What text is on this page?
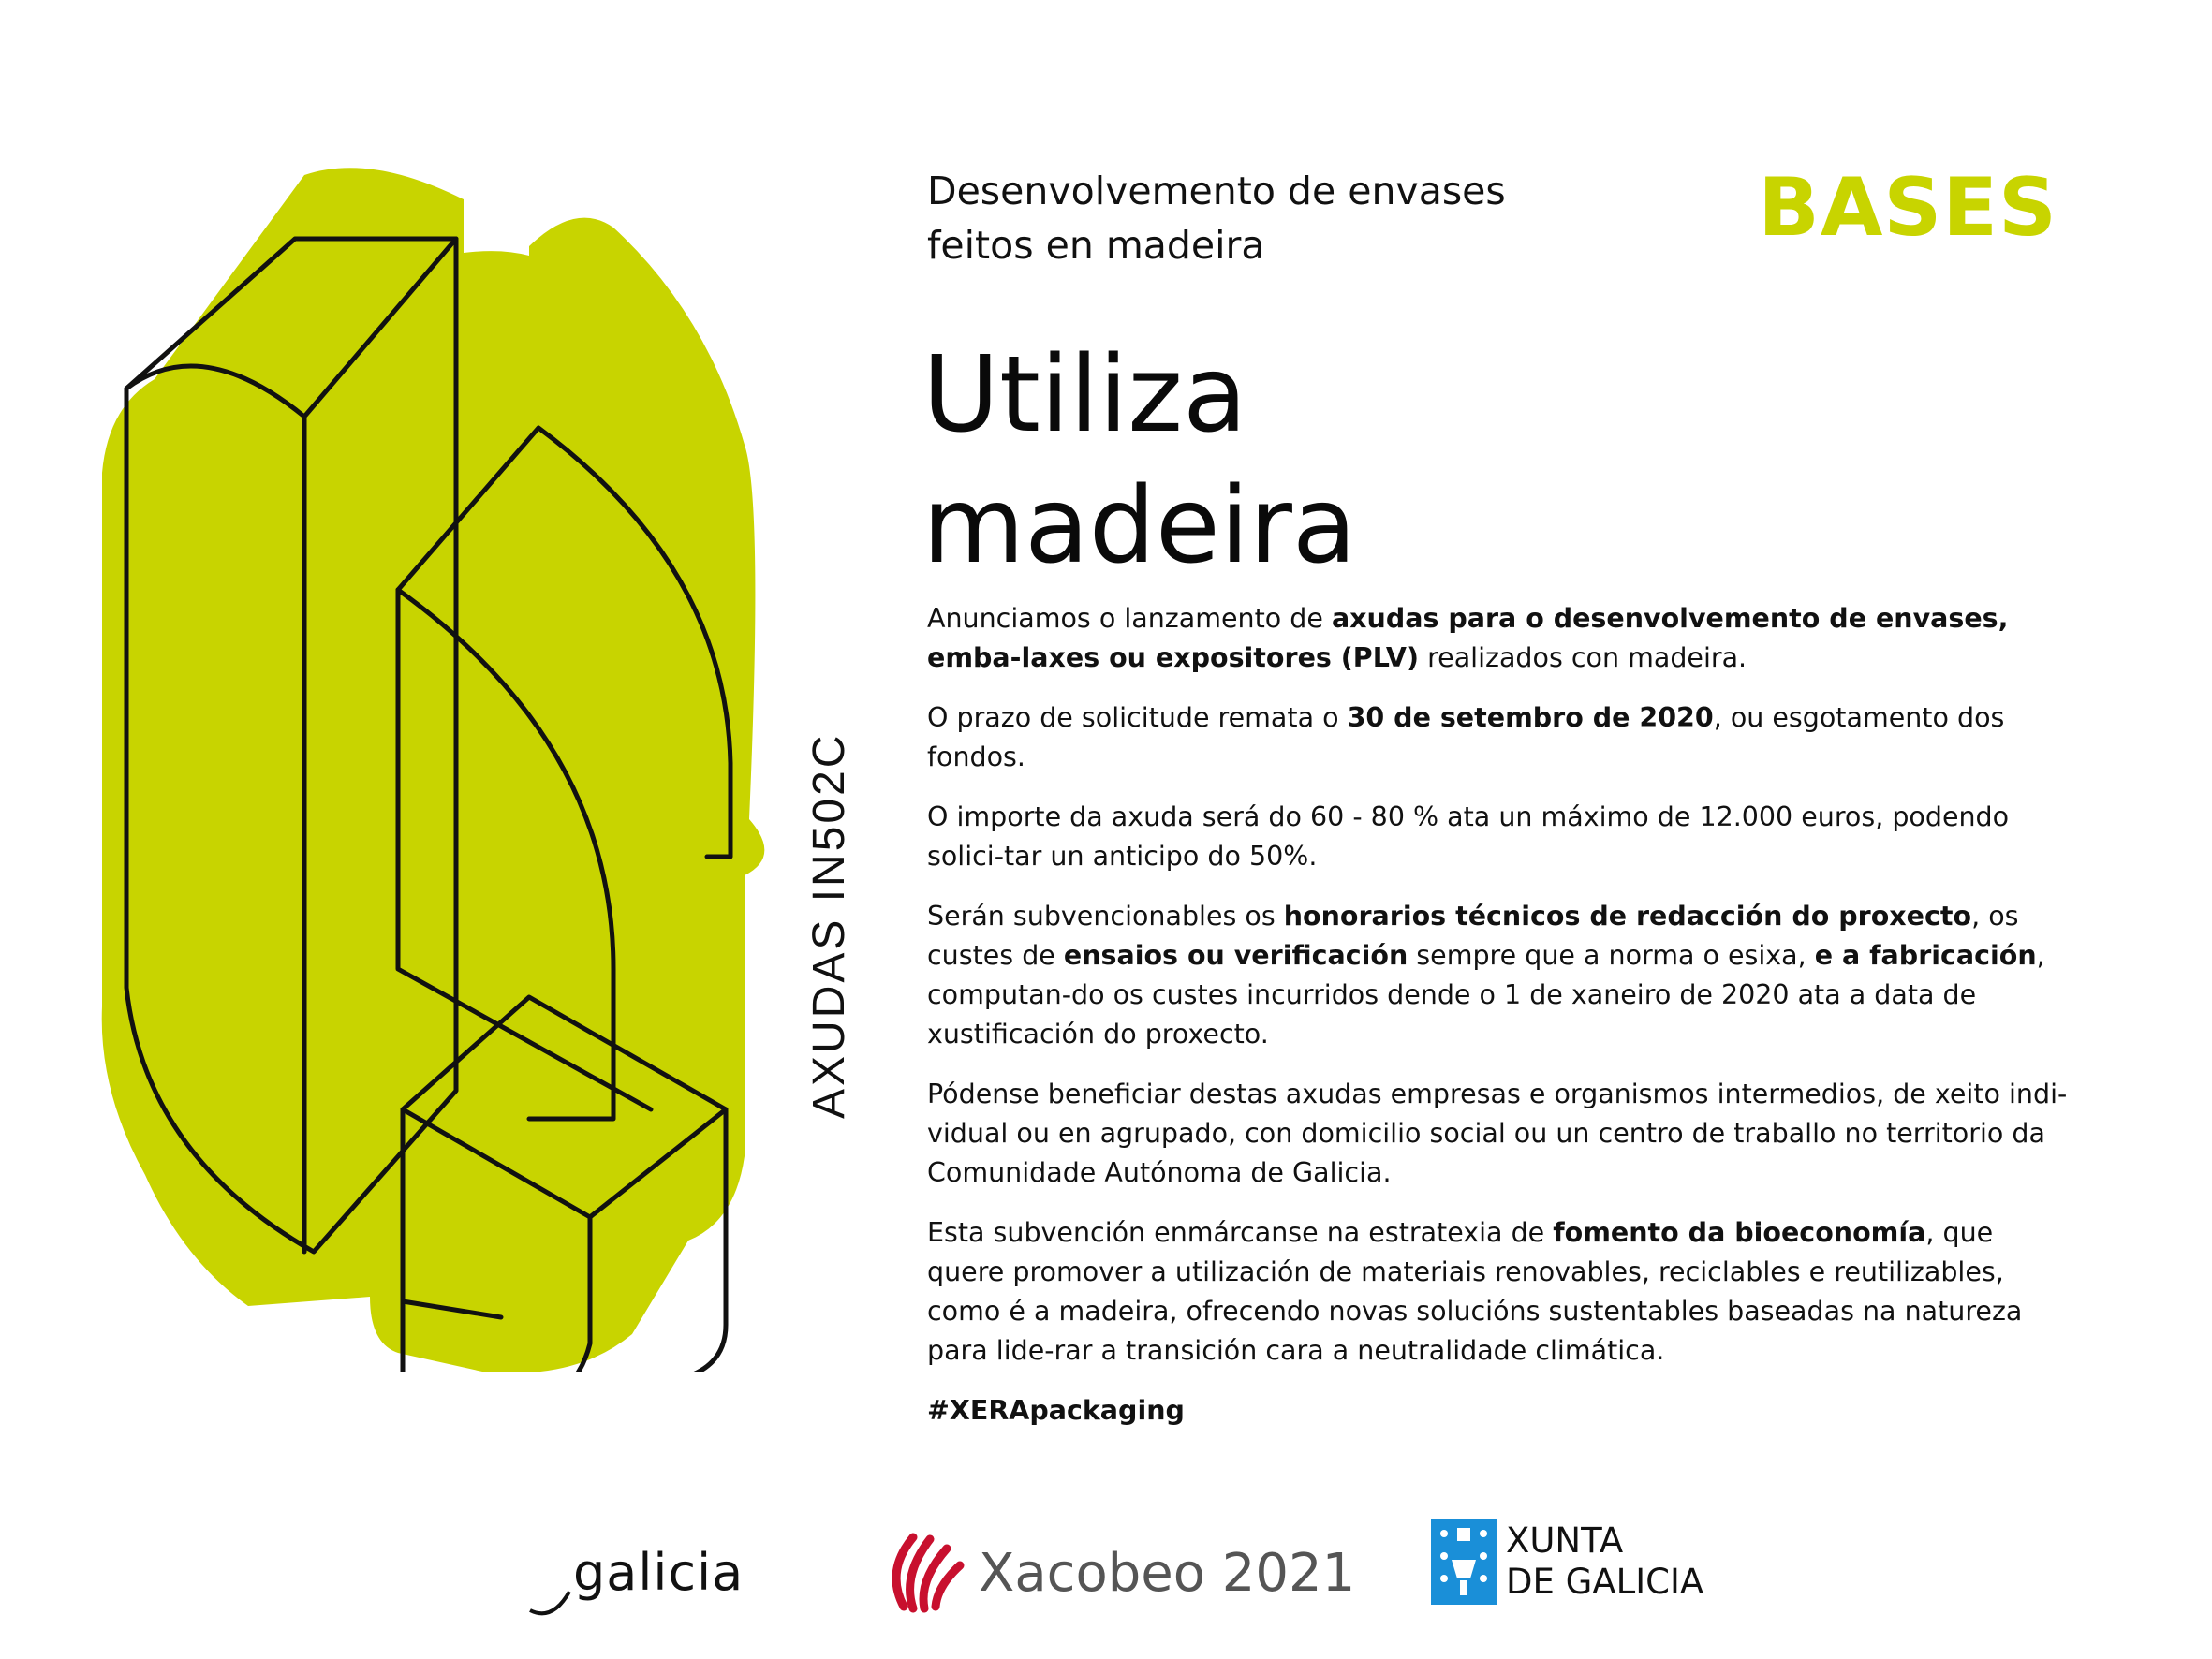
AXUDAS IN502C
Desenvolvemento de envases
feitos en madeira	BASES
Utiliza
madeira

Anunciamos o lanzamento de axudas para o desenvolvemento de envases, emba-laxes ou expositores (PLV) realizados con madeira.

O prazo de solicitude remata o 30 de setembro de 2020, ou esgotamento dos fondos.

O importe da axuda será do 60 - 80 % ata un máximo de 12.000 euros, podendo solici-tar un anticipo do 50%.

Serán subvencionables os honorarios técnicos de redacción do proxecto, os custes de ensaios ou verificación sempre que a norma o esixa, e a fabricación, computan-do os custes incurridos dende o 1 de xaneiro de 2020 ata a data de xustificación do proxecto.

Pódense beneficiar destas axudas empresas e organismos intermedios, de xeito indi-vidual ou en agrupado, con domicilio social ou un centro de traballo no territorio da Comunidade Autónoma de Galicia.

Esta subvención enmárcanse na estratexia de fomento da bioeconomía, que quere promover a utilización de materiais renovables, reciclables e reutilizables, como é a madeira, ofrecendo novas solucións sustentables baseadas na natureza para lide-rar a transición cara a neutralidade climática.

#XERApackaging

galicia	Xacobeo 2021
XUNTA
DE GALICIA
